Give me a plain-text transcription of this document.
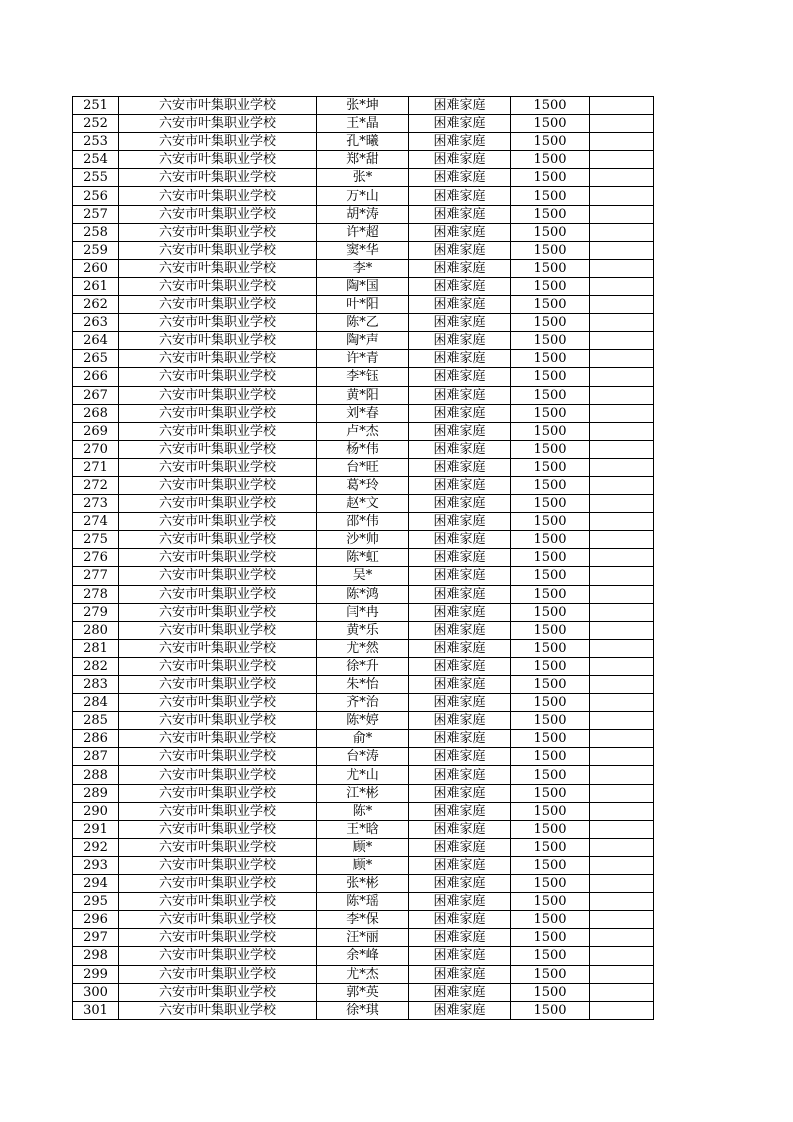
251	六安市叶集职业学校	张*坤	困难家庭	1500	
252	六安市叶集职业学校	王*晶	困难家庭	1500	
253	六安市叶集职业学校	孔*曦	困难家庭	1500	
254	六安市叶集职业学校	郑*甜	困难家庭	1500	
255	六安市叶集职业学校	张*	困难家庭	1500	
256	六安市叶集职业学校	万*山	困难家庭	1500	
257	六安市叶集职业学校	胡*涛	困难家庭	1500	
258	六安市叶集职业学校	许*超	困难家庭	1500	
259	六安市叶集职业学校	窦*华	困难家庭	1500	
260	六安市叶集职业学校	李*	困难家庭	1500	
261	六安市叶集职业学校	陶*国	困难家庭	1500	
262	六安市叶集职业学校	叶*阳	困难家庭	1500	
263	六安市叶集职业学校	陈*乙	困难家庭	1500	
264	六安市叶集职业学校	陶*声	困难家庭	1500	
265	六安市叶集职业学校	许*青	困难家庭	1500	
266	六安市叶集职业学校	李*钰	困难家庭	1500	
267	六安市叶集职业学校	黄*阳	困难家庭	1500	
268	六安市叶集职业学校	刘*春	困难家庭	1500	
269	六安市叶集职业学校	卢*杰	困难家庭	1500	
270	六安市叶集职业学校	杨*伟	困难家庭	1500	
271	六安市叶集职业学校	台*旺	困难家庭	1500	
272	六安市叶集职业学校	葛*玲	困难家庭	1500	
273	六安市叶集职业学校	赵*文	困难家庭	1500	
274	六安市叶集职业学校	邵*伟	困难家庭	1500	
275	六安市叶集职业学校	沙*帅	困难家庭	1500	
276	六安市叶集职业学校	陈*虹	困难家庭	1500	
277	六安市叶集职业学校	吴*	困难家庭	1500	
278	六安市叶集职业学校	陈*鸿	困难家庭	1500	
279	六安市叶集职业学校	闫*冉	困难家庭	1500	
280	六安市叶集职业学校	黄*乐	困难家庭	1500	
281	六安市叶集职业学校	尤*然	困难家庭	1500	
282	六安市叶集职业学校	徐*升	困难家庭	1500	
283	六安市叶集职业学校	朱*怡	困难家庭	1500	
284	六安市叶集职业学校	齐*治	困难家庭	1500	
285	六安市叶集职业学校	陈*婷	困难家庭	1500	
286	六安市叶集职业学校	俞*	困难家庭	1500	
287	六安市叶集职业学校	台*涛	困难家庭	1500	
288	六安市叶集职业学校	尤*山	困难家庭	1500	
289	六安市叶集职业学校	江*彬	困难家庭	1500	
290	六安市叶集职业学校	陈*	困难家庭	1500	
291	六安市叶集职业学校	王*晗	困难家庭	1500	
292	六安市叶集职业学校	顾*	困难家庭	1500	
293	六安市叶集职业学校	顾*	困难家庭	1500	
294	六安市叶集职业学校	张*彬	困难家庭	1500	
295	六安市叶集职业学校	陈*瑶	困难家庭	1500	
296	六安市叶集职业学校	李*保	困难家庭	1500	
297	六安市叶集职业学校	汪*丽	困难家庭	1500	
298	六安市叶集职业学校	余*峰	困难家庭	1500	
299	六安市叶集职业学校	尤*杰	困难家庭	1500	
300	六安市叶集职业学校	郭*英	困难家庭	1500	
301	六安市叶集职业学校	徐*琪	困难家庭	1500	
